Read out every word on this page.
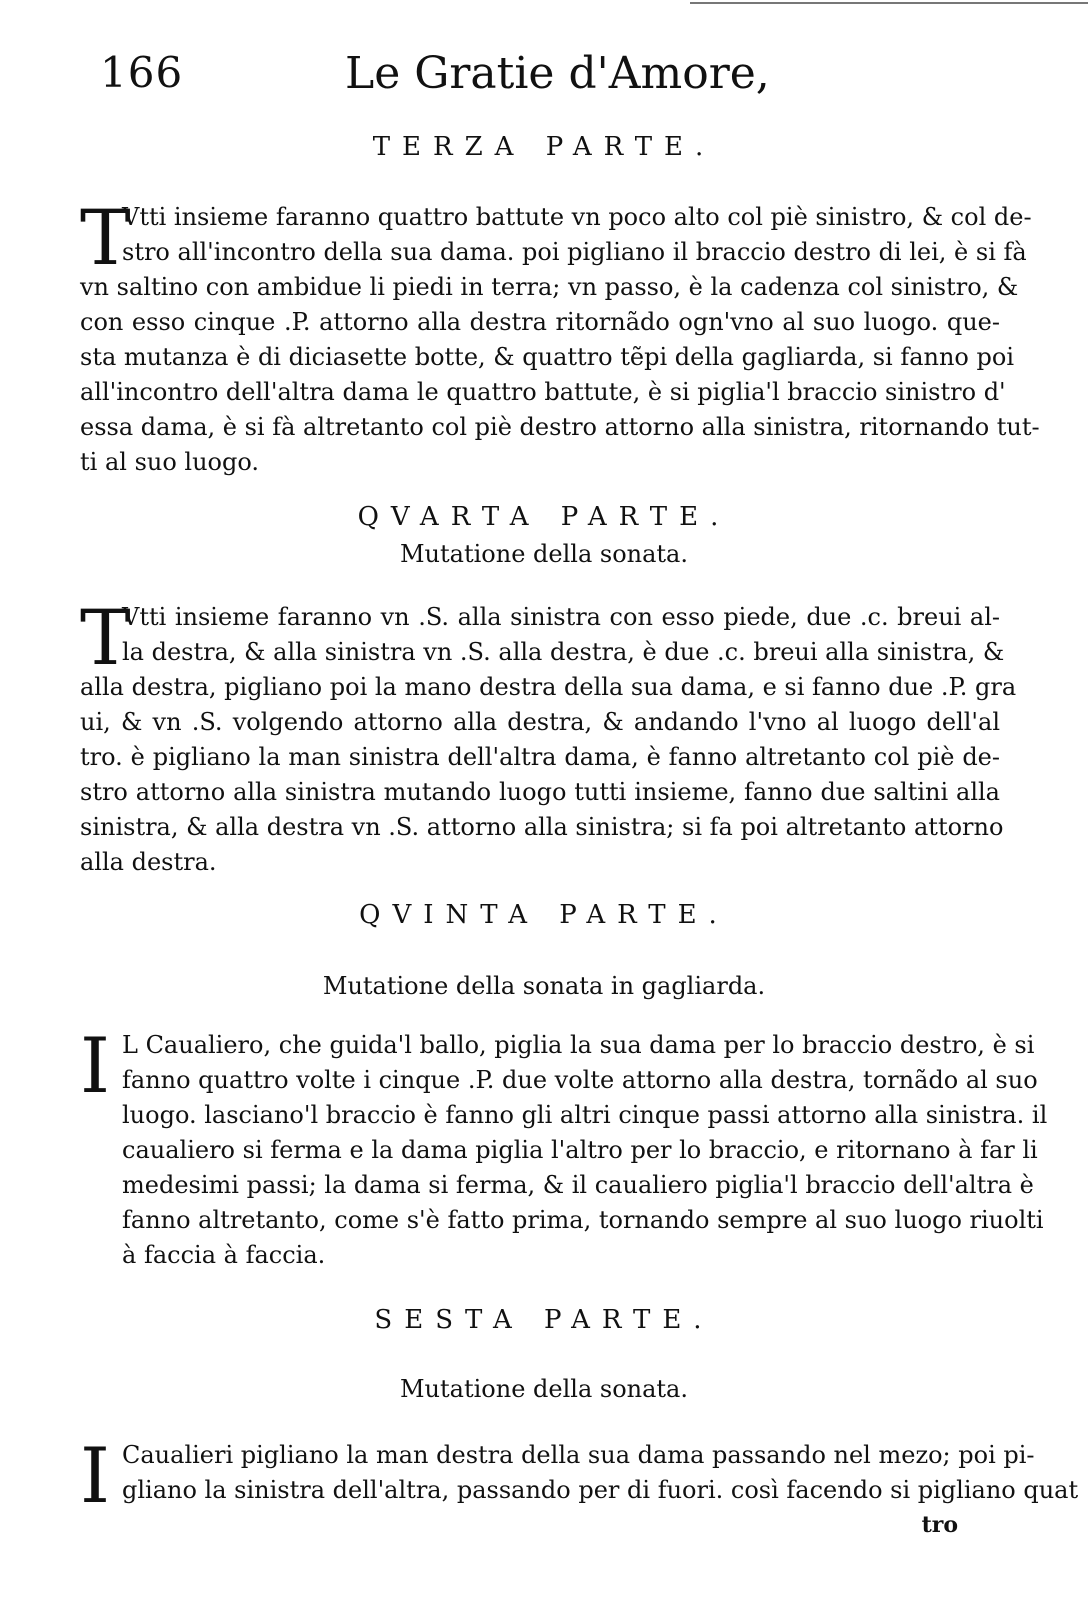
166	Le Gratie d'Amore,
TERZA PARTE.
T
Vtti insieme faranno quattro battute vn poco alto col piè sinistro, & col de-
stro all'incontro della sua dama. poi pigliano il braccio destro di lei, è si fà
vn saltino con ambidue li piedi in terra; vn passo, è la cadenza col sinistro, &
con esso cinque .P. attorno alla destra ritornãdo ogn'vno al suo luogo. que-
sta mutanza è di diciasette botte, & quattro tẽpi della gagliarda, si fanno poi
all'incontro dell'altra dama le quattro battute, è si piglia'l braccio sinistro d'
essa dama, è si fà altretanto col piè destro attorno alla sinistra, ritornando tut-
ti al suo luogo.
QVARTA PARTE.
Mutatione della sonata.
T
Vtti insieme faranno vn .S. alla sinistra con esso piede, due .c. breui al-
la destra, & alla sinistra vn .S. alla destra, è due .c. breui alla sinistra, &
alla destra, pigliano poi la mano destra della sua dama, e si fanno due .P. gra
ui, & vn .S. volgendo attorno alla destra, & andando l'vno al luogo dell'al
tro. è pigliano la man sinistra dell'altra dama, è fanno altretanto col piè de-
stro attorno alla sinistra mutando luogo tutti insieme, fanno due saltini alla
sinistra, & alla destra vn .S. attorno alla sinistra; si fa poi altretanto attorno
alla destra.
QVINTA PARTE.
Mutatione della sonata in gagliarda.
I L Caualiero, che guida'l ballo, piglia la sua dama per lo braccio destro, è si
fanno quattro volte i cinque .P. due volte attorno alla destra, tornãdo al suo
luogo. lasciano'l braccio è fanno gli altri cinque passi attorno alla sinistra. il
caualiero si ferma e la dama piglia l'altro per lo braccio, e ritornano à far li
medesimi passi; la dama si ferma, & il caualiero piglia'l braccio dell'altra è
fanno altretanto, come s'è fatto prima, tornando sempre al suo luogo riuolti
à faccia à faccia.
SESTA PARTE.
Mutatione della sonata.
I Caualieri pigliano la man destra della sua dama passando nel mezo; poi pi-
gliano la sinistra dell'altra, passando per di fuori. così facendo si pigliano quat
tro
